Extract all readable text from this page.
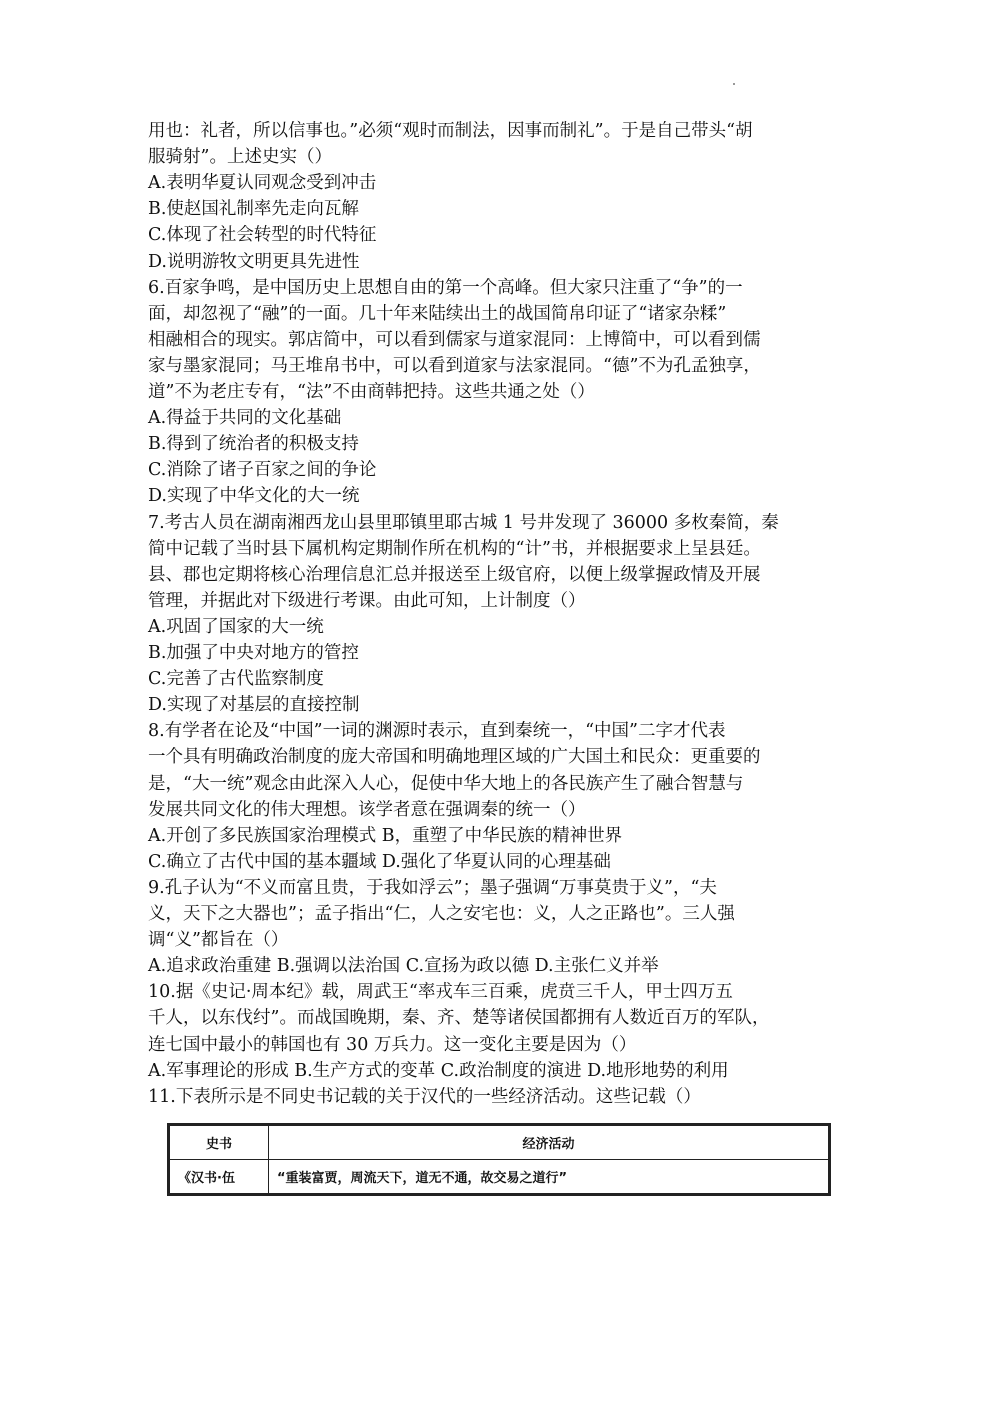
用也：礼者，所以信事也。”必须“观时而制法，因事而制礼”。于是自己带头“胡
服骑射”。上述史实（）
A.表明华夏认同观念受到冲击
B.使赵国礼制率先走向瓦解
C.体现了社会转型的时代特征
D.说明游牧文明更具先进性
6.百家争鸣，是中国历史上思想自由的第一个高峰。但大家只注重了“争”的一
面，却忽视了“融”的一面。几十年来陆续出土的战国简帛印证了“诸家杂糅”
相融相合的现实。郭店简中，可以看到儒家与道家混同：上博简中，可以看到儒
家与墨家混同；马王堆帛书中，可以看到道家与法家混同。“德”不为孔孟独享，
道”不为老庄专有，“法”不由商韩把持。这些共通之处（）
A.得益于共同的文化基础
B.得到了统治者的积极支持
C.消除了诸子百家之间的争论
D.实现了中华文化的大一统
7.考古人员在湖南湘西龙山县里耶镇里耶古城 1 号井发现了 36000 多枚秦简，秦
简中记载了当时县下属机构定期制作所在机构的“计”书，并根据要求上呈县廷。
县、郡也定期将核心治理信息汇总并报送至上级官府，以便上级掌握政情及开展
管理，并据此对下级进行考课。由此可知，上计制度（）
A.巩固了国家的大一统
B.加强了中央对地方的管控
C.完善了古代监察制度
D.实现了对基层的直接控制
8.有学者在论及“中国”一词的渊源时表示，直到秦统一，“中国”二字才代表
一个具有明确政治制度的庞大帝国和明确地理区域的广大国土和民众：更重要的
是，“大一统”观念由此深入人心，促使中华大地上的各民族产生了融合智慧与
发展共同文化的伟大理想。该学者意在强调秦的统一（）
A.开创了多民族国家治理模式 B，重塑了中华民族的精神世界
C.确立了古代中国的基本疆域 D.强化了华夏认同的心理基础
9.孔子认为“不义而富且贵，于我如浮云”；墨子强调“万事莫贵于义”，“夫
义，天下之大器也”；孟子指出“仁，人之安宅也：义，人之正路也”。三人强
调“义”都旨在（）
A.追求政治重建 B.强调以法治国 C.宣扬为政以德 D.主张仁义并举
10.据《史记·周本纪》载，周武王“率戎车三百乘，虎贲三千人，甲士四万五
千人，以东伐纣”。而战国晚期，秦、齐、楚等诸侯国都拥有人数近百万的军队，
连七国中最小的韩国也有 30 万兵力。这一变化主要是因为（）
A.军事理论的形成 B.生产方式的变革 C.政治制度的演进 D.地形地势的利用
11.下表所示是不同史书记载的关于汉代的一些经济活动。这些记载（）
史书	经济活动
《汉书·伍	“重装富贾，周流天下，道无不通，故交易之道行”
